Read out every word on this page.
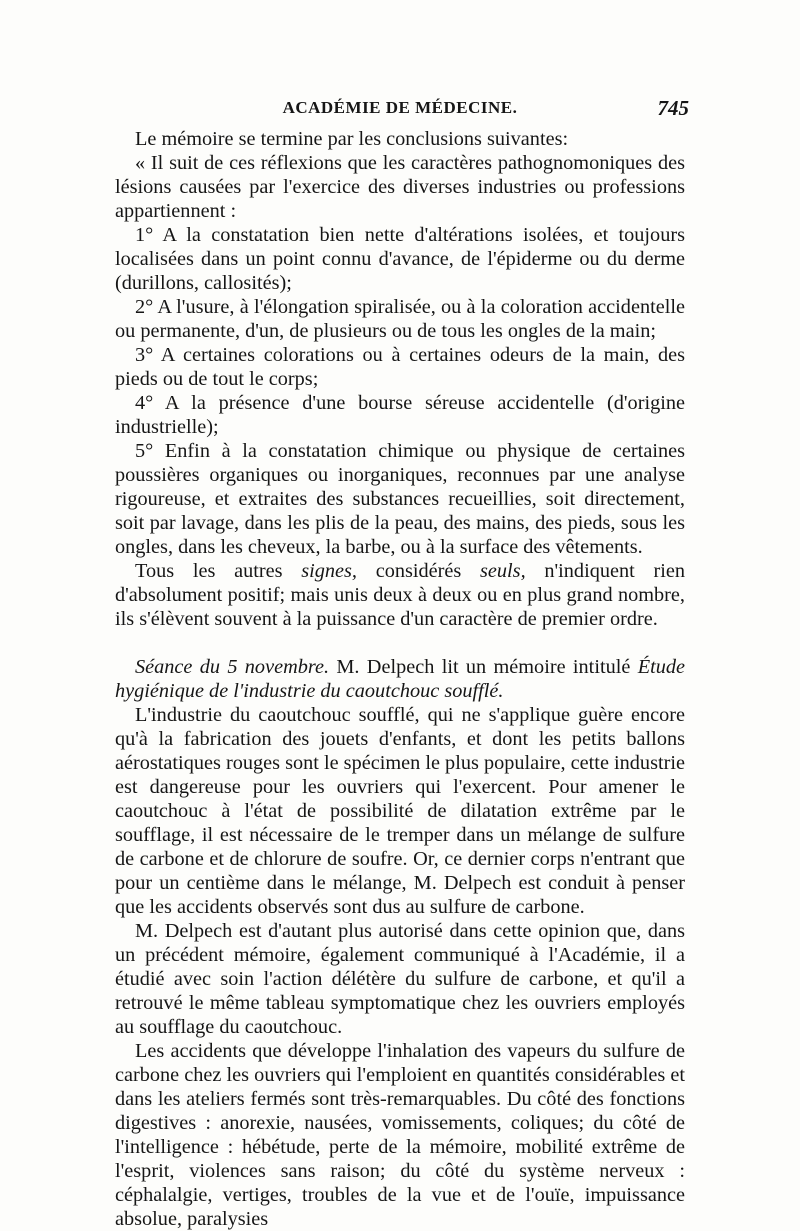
ACADÉMIE DE MÉDECINE.	745

Le mémoire se termine par les conclusions suivantes:

« Il suit de ces réflexions que les caractères pathognomoniques des lésions causées par l'exercice des diverses industries ou professions appartiennent :

1° A la constatation bien nette d'altérations isolées, et toujours localisées dans un point connu d'avance, de l'épiderme ou du derme (durillons, callosités);

2° A l'usure, à l'élongation spiralisée, ou à la coloration accidentelle ou permanente, d'un, de plusieurs ou de tous les ongles de la main;

3° A certaines colorations ou à certaines odeurs de la main, des pieds ou de tout le corps;

4° A la présence d'une bourse séreuse accidentelle (d'origine industrielle);

5° Enfin à la constatation chimique ou physique de certaines poussières organiques ou inorganiques, reconnues par une analyse rigoureuse, et extraites des substances recueillies, soit directement, soit par lavage, dans les plis de la peau, des mains, des pieds, sous les ongles, dans les cheveux, la barbe, ou à la surface des vêtements.

Tous les autres signes, considérés seuls, n'indiquent rien d'absolument positif; mais unis deux à deux ou en plus grand nombre, ils s'élèvent souvent à la puissance d'un caractère de premier ordre.

Séance du 5 novembre. M. Delpech lit un mémoire intitulé Étude hygiénique de l'industrie du caoutchouc soufflé.

L'industrie du caoutchouc soufflé, qui ne s'applique guère encore qu'à la fabrication des jouets d'enfants, et dont les petits ballons aérostatiques rouges sont le spécimen le plus populaire, cette industrie est dangereuse pour les ouvriers qui l'exercent. Pour amener le caoutchouc à l'état de possibilité de dilatation extrême par le soufflage, il est nécessaire de le tremper dans un mélange de sulfure de carbone et de chlorure de soufre. Or, ce dernier corps n'entrant que pour un centième dans le mélange, M. Delpech est conduit à penser que les accidents observés sont dus au sulfure de carbone.

M. Delpech est d'autant plus autorisé dans cette opinion que, dans un précédent mémoire, également communiqué à l'Académie, il a étudié avec soin l'action délétère du sulfure de carbone, et qu'il a retrouvé le même tableau symptomatique chez les ouvriers employés au soufflage du caoutchouc.

Les accidents que développe l'inhalation des vapeurs du sulfure de carbone chez les ouvriers qui l'emploient en quantités considérables et dans les ateliers fermés sont très-remarquables. Du côté des fonctions digestives : anorexie, nausées, vomissements, coliques; du côté de l'intelligence : hébétude, perte de la mémoire, mobilité extrême de l'esprit, violences sans raison; du côté du système nerveux : céphalalgie, vertiges, troubles de la vue et de l'ouïe, impuissance absolue, paralysies
